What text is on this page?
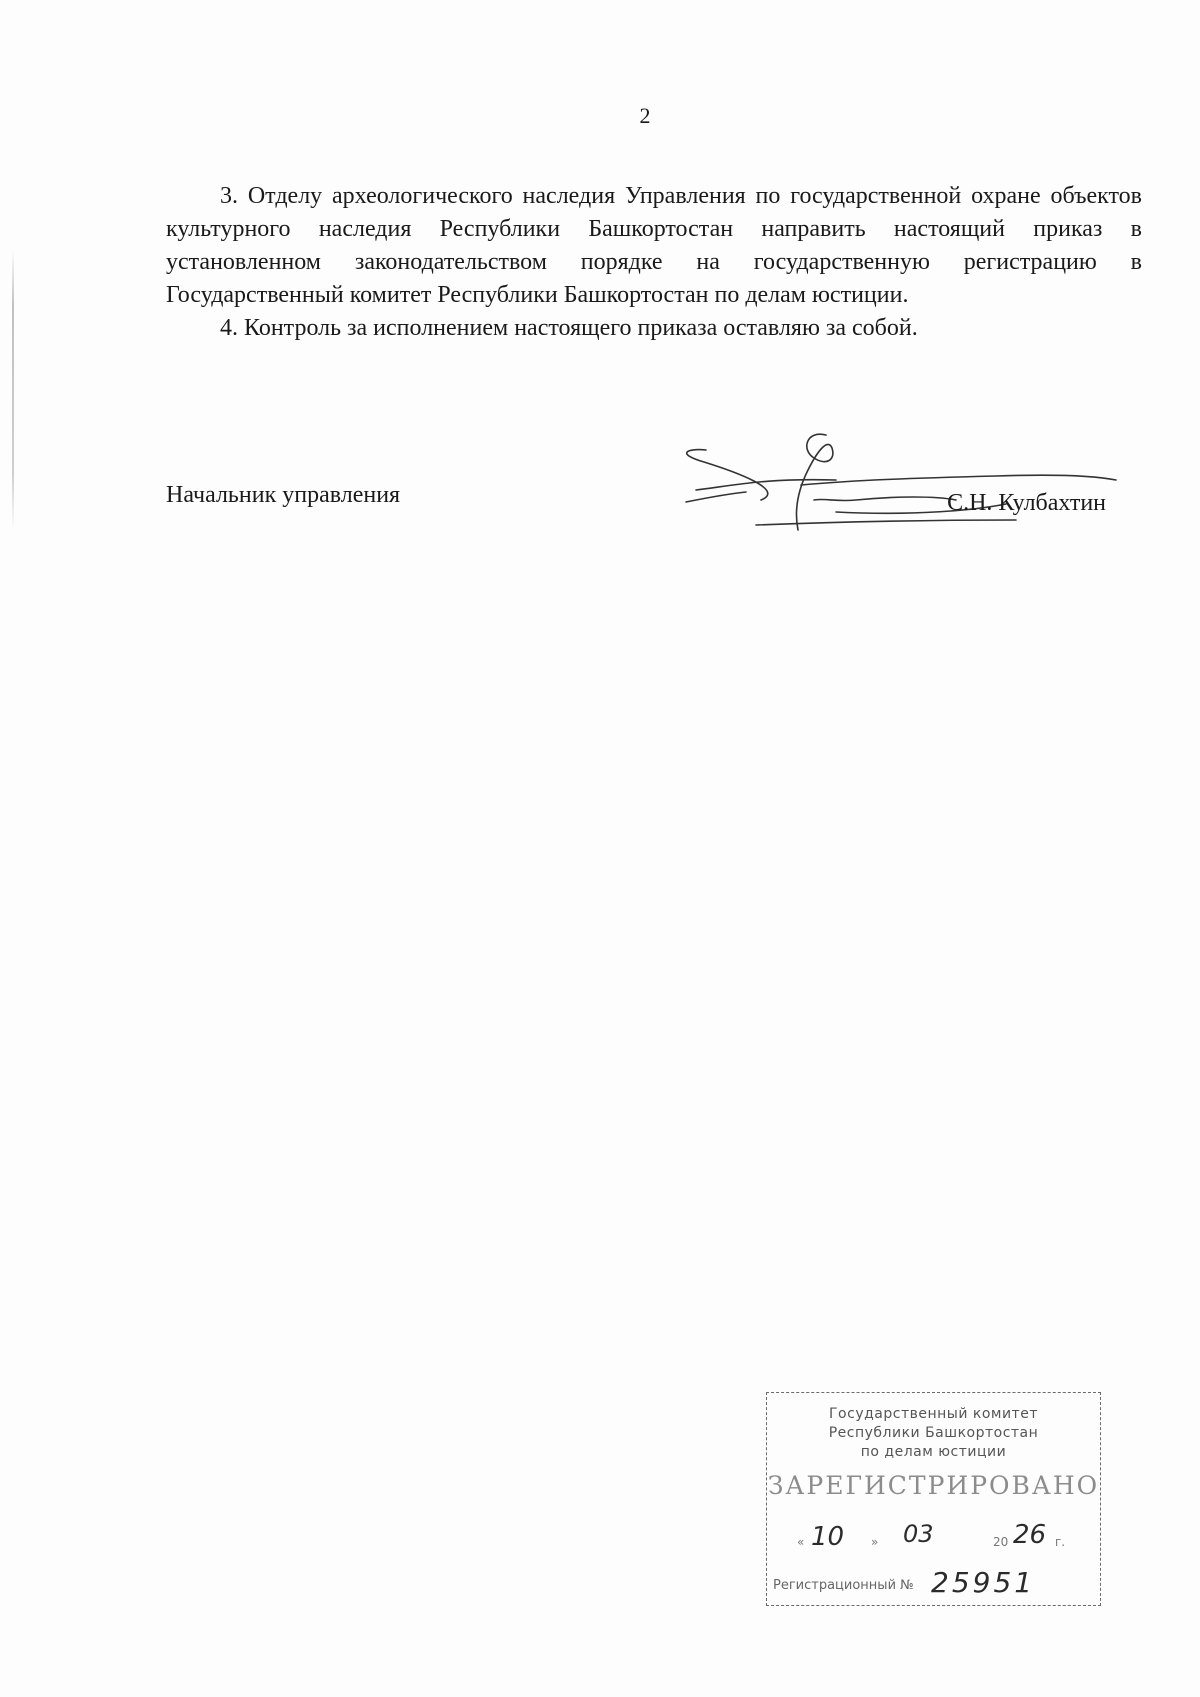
2

3. Отделу археологического наследия Управления по государственной охране объектов культурного наследия Республики Башкортостан направить настоящий приказ в установленном законодательством порядке на государственную регистрацию в Государственный комитет Республики Башкортостан по делам юстиции.

4. Контроль за исполнением настоящего приказа оставляю за собой.

Начальник управления	С.Н. Кулбахтин
Государственный комитет
Республики Башкортостан
по делам юстиции
ЗАРЕГИСТРИРОВАНО
« 10 » 03	20 26 г.
Регистрационный № 25951
